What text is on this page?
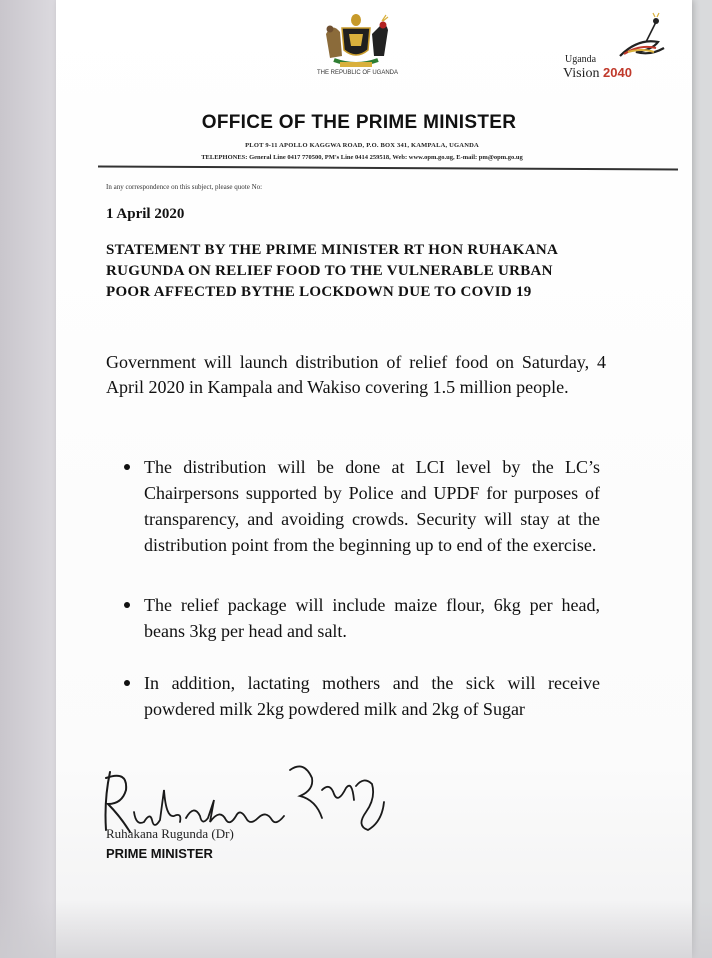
THE REPUBLIC OF UGANDA
Uganda
Vision 2040
OFFICE OF THE PRIME MINISTER
PLOT 9-11 APOLLO KAGGWA ROAD, P.O. BOX 341, KAMPALA, UGANDA
TELEPHONES: General Line 0417 770500, PM's Line 0414 259518, Web: www.opm.go.ug, E-mail: pm@opm.go.ug
In any correspondence on this subject, please quote No:
1 April 2020
STATEMENT BY THE PRIME MINISTER RT HON RUHAKANA RUGUNDA ON RELIEF FOOD TO THE VULNERABLE URBAN POOR AFFECTED BYTHE LOCKDOWN DUE TO COVID 19
Government will launch distribution of relief food on Saturday, 4 April 2020 in Kampala and Wakiso covering 1.5 million people.
The distribution will be done at LCI level by the LC’s Chairpersons supported by Police and UPDF for purposes of transparency, and avoiding crowds. Security will stay at the distribution point from the beginning up to end of the exercise.
The relief package will include maize flour, 6kg per head, beans 3kg per head and salt.
In addition, lactating mothers and the sick will receive powdered milk 2kg powdered milk and 2kg of Sugar
Ruhakana Rugunda (Dr)
PRIME MINISTER
